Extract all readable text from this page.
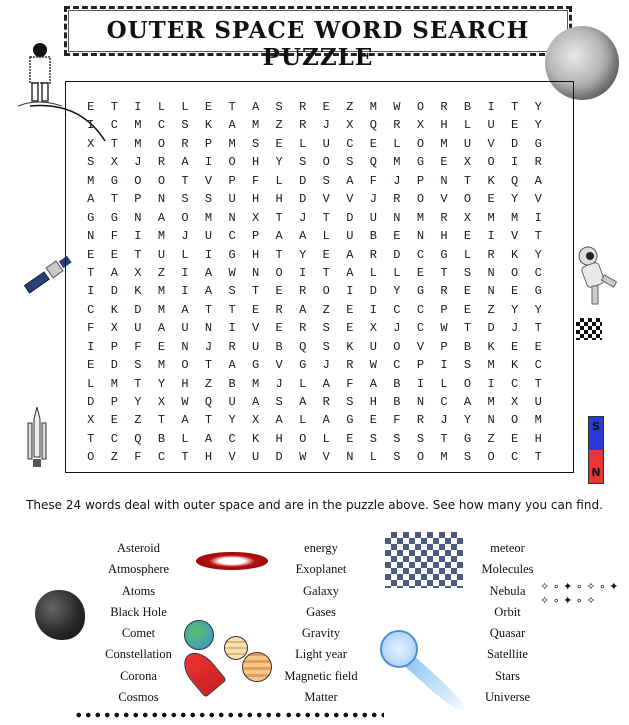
OUTER SPACE WORD SEARCH PUZZLE
S
N
E	T	I	L	L	E	T	A	S	R	E	Z	M	W	O	R	B	I	T	Y
I	C	M	C	S	K	A	M	Z	R	J	X	Q	R	X	H	L	U	E	Y
X	T	M	O	R	P	M	S	E	L	U	C	E	L	O	M	U	V	D	G
S	X	J	R	A	I	O	H	Y	S	O	S	Q	M	G	E	X	O	I	R
M	G	O	O	T	V	P	F	L	D	S	A	F	J	P	N	T	K	Q	A
A	T	P	N	S	S	U	H	H	D	V	V	J	R	O	V	O	E	Y	V
G	G	N	A	O	M	N	X	T	J	T	D	U	N	M	R	X	M	M	I
N	F	I	M	J	U	C	P	A	A	L	U	B	E	N	H	E	I	V	T
E	E	T	U	L	I	G	H	T	Y	E	A	R	D	C	G	L	R	K	Y
T	A	X	Z	I	A	W	N	O	I	T	A	L	L	E	T	S	N	O	C
I	D	K	M	I	A	S	T	E	R	O	I	D	Y	G	R	E	N	E	G
C	K	D	M	A	T	T	E	R	A	Z	E	I	C	C	P	E	Z	Y	Y
F	X	U	A	U	N	I	V	E	R	S	E	X	J	C	W	T	D	J	T
I	P	F	E	N	J	R	U	B	Q	S	K	U	O	V	P	B	K	E	E
E	D	S	M	O	T	A	G	V	G	J	R	W	C	P	I	S	M	K	C
L	M	T	Y	H	Z	B	M	J	L	A	F	A	B	I	L	O	I	C	T
D	P	Y	X	W	Q	U	A	S	A	R	S	H	B	N	C	A	M	X	U
X	E	Z	T	A	T	Y	X	A	L	A	G	E	F	R	J	Y	N	O	M
T	C	Q	B	L	A	C	K	H	O	L	E	S	S	S	T	G	Z	E	H
O	Z	F	C	T	H	V	U	D	W	V	N	L	S	O	M	S	O	C	T
These 24 words deal with outer space and are in the puzzle above. See how many you can find.
Asteroid
Atmosphere
Atoms
Black Hole
Comet
Constellation
Corona
Cosmos
energy
Exoplanet
Galaxy
Gases
Gravity
Light year
Magnetic field
Matter
meteor
Molecules
Nebula
Orbit
Quasar
Satellite
Stars
Universe
✧ ∘ ✦ ∘ ✧ ∘ ✦ ✧ ∘ ✦ ∘ ✧
